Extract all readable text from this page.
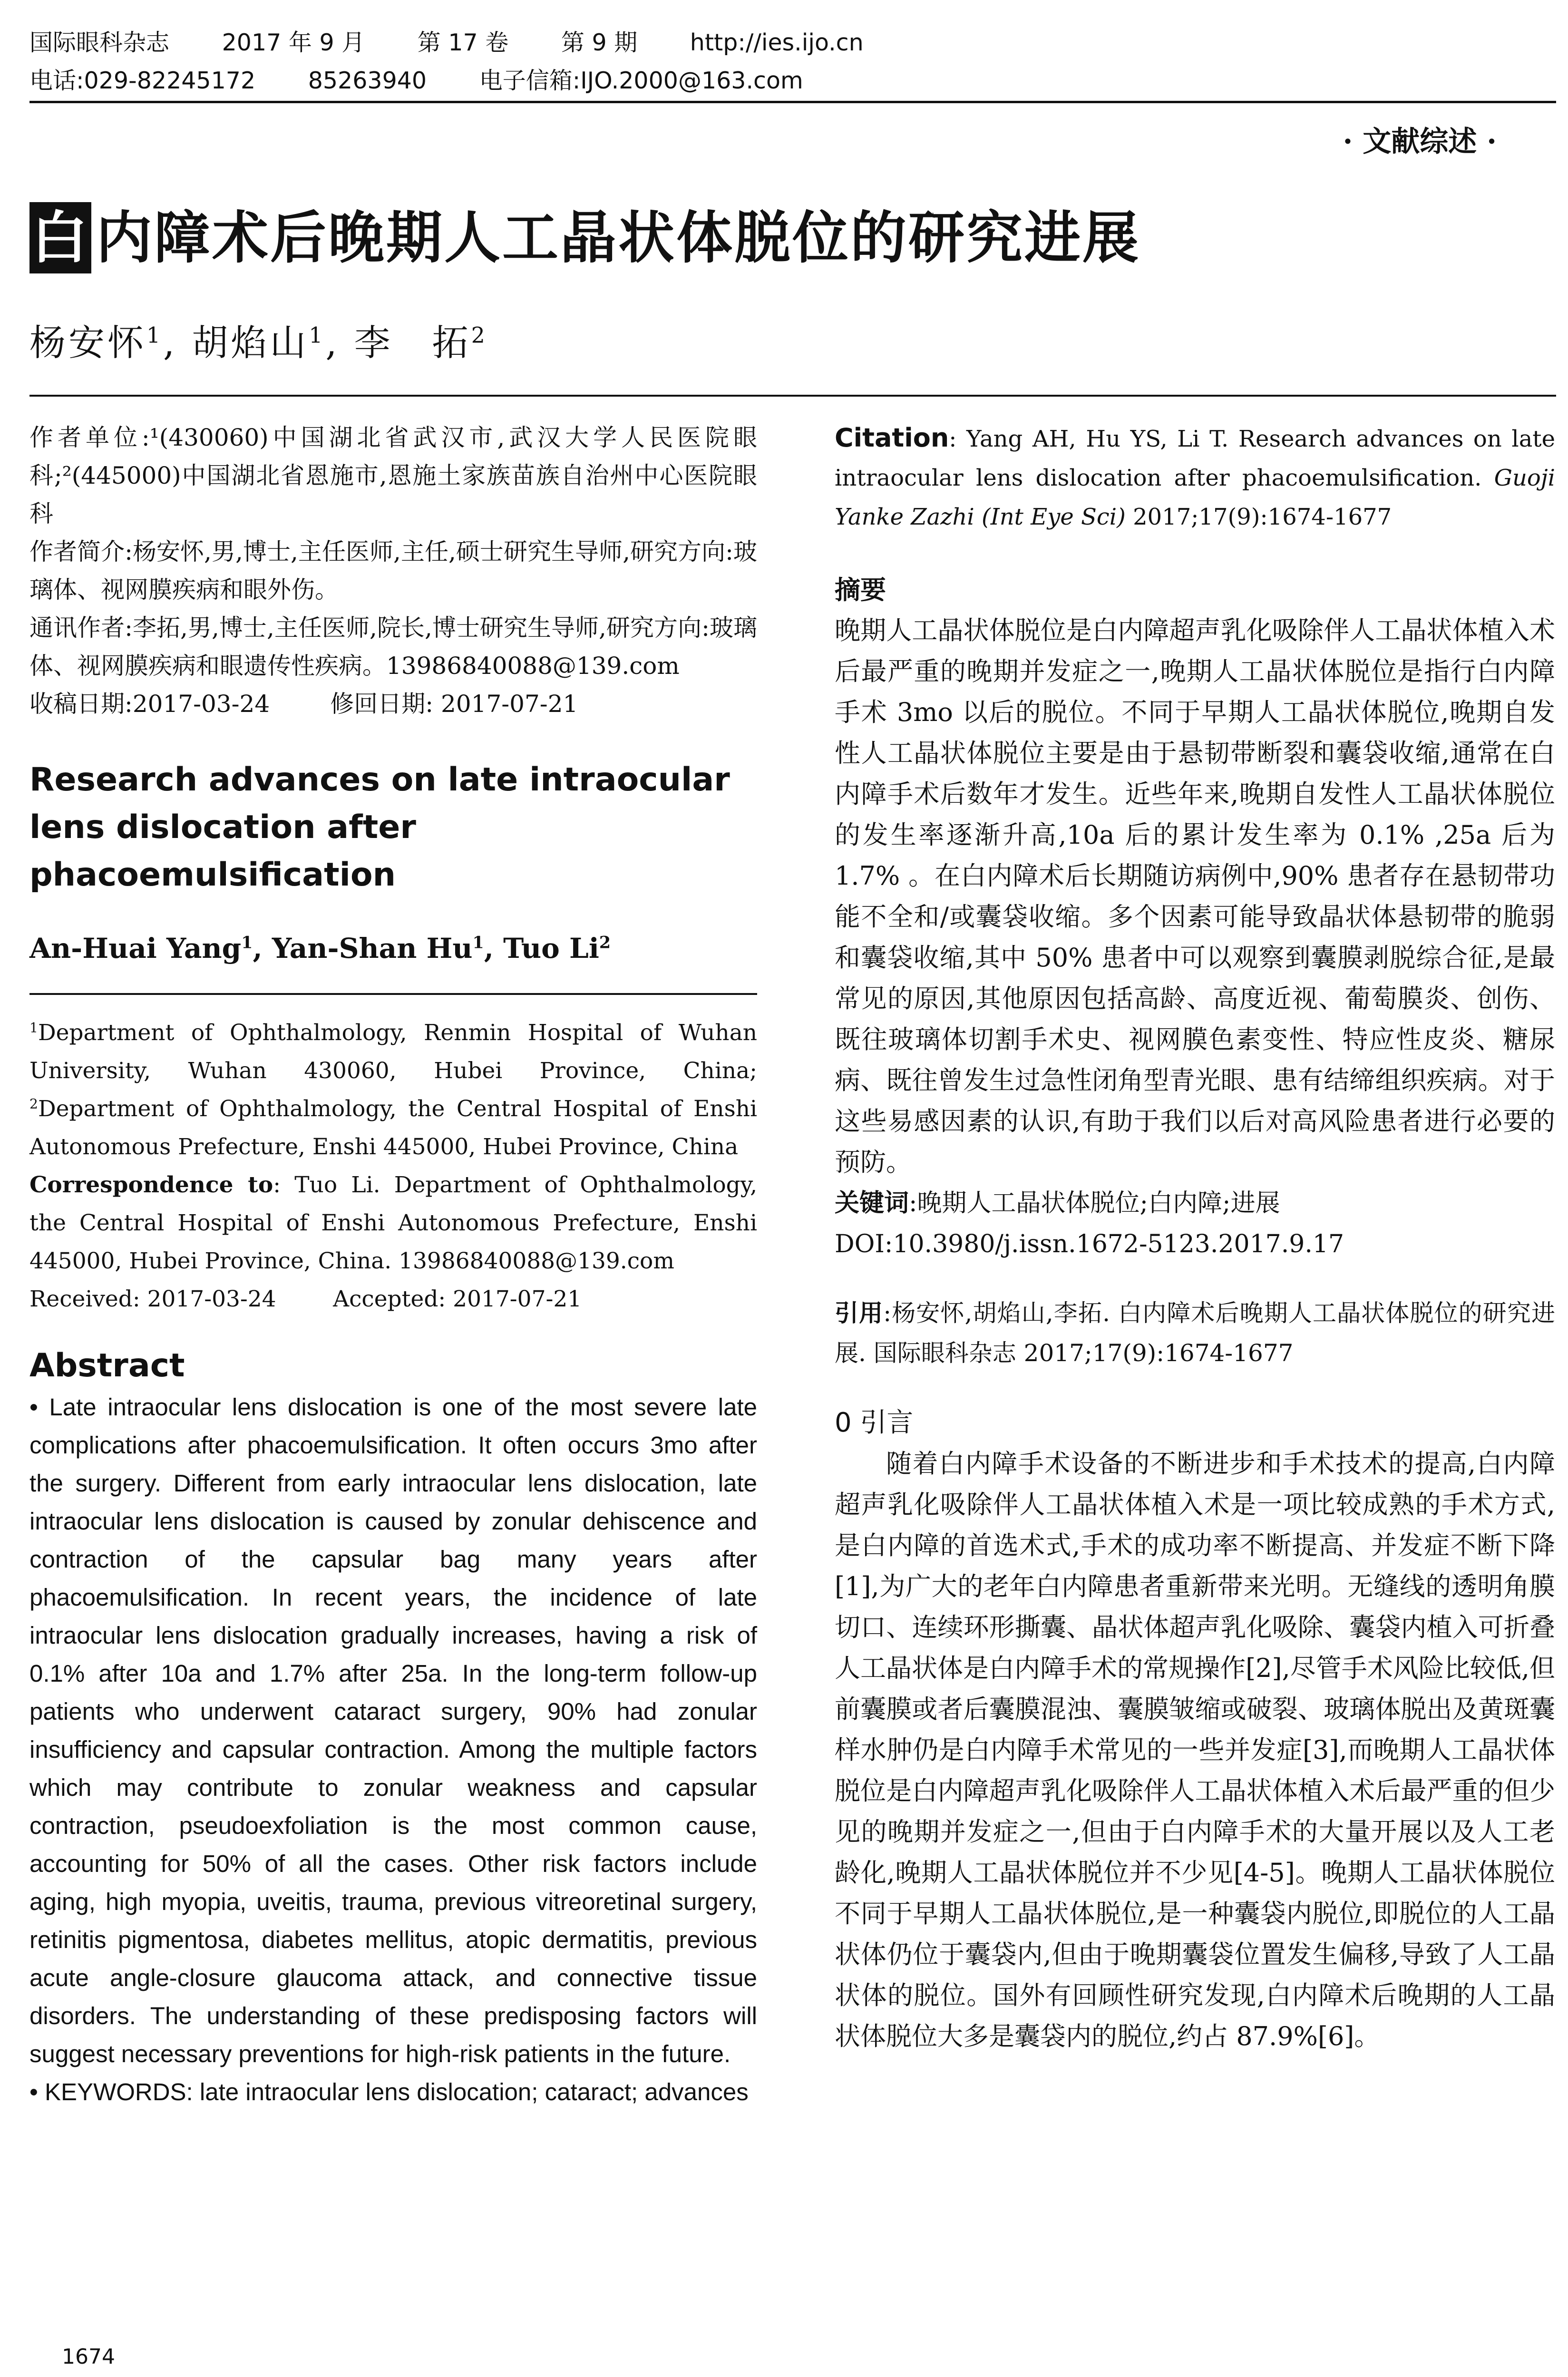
国际眼科杂志 2017 年 9 月 第 17 卷 第 9 期 http://ies.ijo.cn
电话:029-82245172 85263940 电子信箱:IJO.2000@163.com
· 文献综述 ·
白 内障术后晚期人工晶状体脱位的研究进展
杨安怀$^1$, 胡焰山$^1$, 李　拓$^2$

作者单位:¹(430060)中国湖北省武汉市,武汉大学人民医院眼科;²(445000)中国湖北省恩施市,恩施土家族苗族自治州中心医院眼科

作者简介:杨安怀,男,博士,主任医师,主任,硕士研究生导师,研究方向:玻璃体、视网膜疾病和眼外伤。

通讯作者:李拓,男,博士,主任医师,院长,博士研究生导师,研究方向:玻璃体、视网膜疾病和眼遗传性疾病。13986840088@139.com

收稿日期:2017-03-24	修回日期: 2017-07-21

Research advances on late intraocular lens dislocation after phacoemulsification
An-Huai Yang$^1$, Yan-Shan Hu$^1$, Tuo Li$^2$

$^1$Department of Ophthalmology, Renmin Hospital of Wuhan University, Wuhan 430060, Hubei Province, China; $^2$Department of Ophthalmology, the Central Hospital of Enshi Autonomous Prefecture, Enshi 445000, Hubei Province, China

Correspondence to: Tuo Li. Department of Ophthalmology, the Central Hospital of Enshi Autonomous Prefecture, Enshi 445000, Hubei Province, China. 13986840088@139.com

Received: 2017-03-24	Accepted: 2017-07-21

Abstract
• Late intraocular lens dislocation is one of the most severe late complications after phacoemulsification. It often occurs 3mo after the surgery. Different from early intraocular lens dislocation, late intraocular lens dislocation is caused by zonular dehiscence and contraction of the capsular bag many years after phacoemulsification. In recent years, the incidence of late intraocular lens dislocation gradually increases, having a risk of 0.1% after 10a and 1.7% after 25a. In the long-term follow-up patients who underwent cataract surgery, 90% had zonular insufficiency and capsular contraction. Among the multiple factors which may contribute to zonular weakness and capsular contraction, pseudoexfoliation is the most common cause, accounting for 50% of all the cases. Other risk factors include aging, high myopia, uveitis, trauma, previous vitreoretinal surgery, retinitis pigmentosa, diabetes mellitus, atopic dermatitis, previous acute angle-closure glaucoma attack, and connective tissue disorders. The understanding of these predisposing factors will suggest necessary preventions for high-risk patients in the future.
• KEYWORDS: late intraocular lens dislocation; cataract; advances
Citation: Yang AH, Hu YS, Li T. Research advances on late intraocular lens dislocation after phacoemulsification. Guoji Yanke Zazhi (Int Eye Sci) 2017;17(9):1674-1677
摘要
晚期人工晶状体脱位是白内障超声乳化吸除伴人工晶状体植入术后最严重的晚期并发症之一,晚期人工晶状体脱位是指行白内障手术 3mo 以后的脱位。不同于早期人工晶状体脱位,晚期自发性人工晶状体脱位主要是由于悬韧带断裂和囊袋收缩,通常在白内障手术后数年才发生。近些年来,晚期自发性人工晶状体脱位的发生率逐渐升高,10a 后的累计发生率为 0.1% ,25a 后为 1.7% 。在白内障术后长期随访病例中,90% 患者存在悬韧带功能不全和/或囊袋收缩。多个因素可能导致晶状体悬韧带的脆弱和囊袋收缩,其中 50% 患者中可以观察到囊膜剥脱综合征,是最常见的原因,其他原因包括高龄、高度近视、葡萄膜炎、创伤、既往玻璃体切割手术史、视网膜色素变性、特应性皮炎、糖尿病、既往曾发生过急性闭角型青光眼、患有结缔组织疾病。对于这些易感因素的认识,有助于我们以后对高风险患者进行必要的预防。
关键词:晚期人工晶状体脱位;白内障;进展
DOI:10.3980/j.issn.1672-5123.2017.9.17
引用:杨安怀,胡焰山,李拓. 白内障术后晚期人工晶状体脱位的研究进展. 国际眼科杂志 2017;17(9):1674-1677
0 引言
随着白内障手术设备的不断进步和手术技术的提高,白内障超声乳化吸除伴人工晶状体植入术是一项比较成熟的手术方式,是白内障的首选术式,手术的成功率不断提高、并发症不断下降[1],为广大的老年白内障患者重新带来光明。无缝线的透明角膜切口、连续环形撕囊、晶状体超声乳化吸除、囊袋内植入可折叠人工晶状体是白内障手术的常规操作[2],尽管手术风险比较低,但前囊膜或者后囊膜混浊、囊膜皱缩或破裂、玻璃体脱出及黄斑囊样水肿仍是白内障手术常见的一些并发症[3],而晚期人工晶状体脱位是白内障超声乳化吸除伴人工晶状体植入术后最严重的但少见的晚期并发症之一,但由于白内障手术的大量开展以及人工老龄化,晚期人工晶状体脱位并不少见[4-5]。晚期人工晶状体脱位不同于早期人工晶状体脱位,是一种囊袋内脱位,即脱位的人工晶状体仍位于囊袋内,但由于晚期囊袋位置发生偏移,导致了人工晶状体的脱位。国外有回顾性研究发现,白内障术后晚期的人工晶状体脱位大多是囊袋内的脱位,约占 87.9%[6]。
1674
